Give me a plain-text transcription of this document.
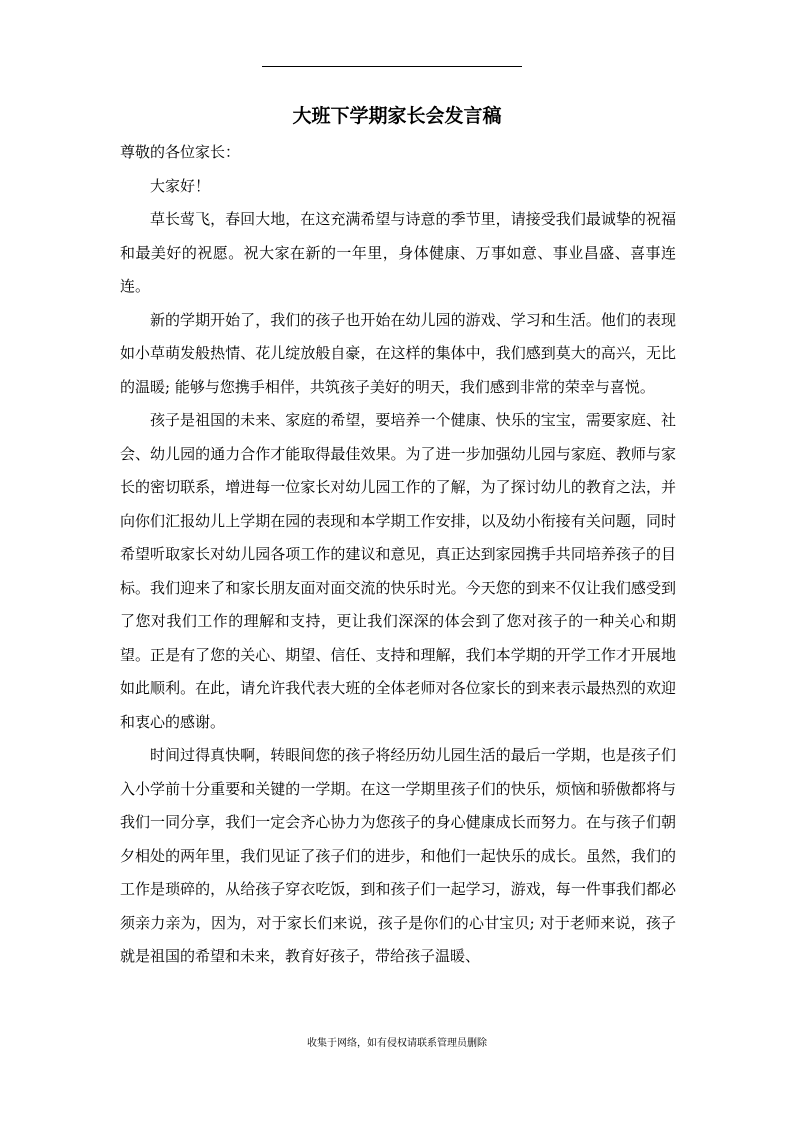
大班下学期家长会发言稿

尊敬的各位家长：

大家好！

草长莺飞，春回大地，在这充满希望与诗意的季节里，请接受我们最诚挚的祝福和最美好的祝愿。祝大家在新的一年里，身体健康、万事如意、事业昌盛、喜事连连。

新的学期开始了，我们的孩子也开始在幼儿园的游戏、学习和生活。他们的表现如小草萌发般热情、花儿绽放般自豪，在这样的集体中，我们感到莫大的高兴，无比的温暖; 能够与您携手相伴，共筑孩子美好的明天，我们感到非常的荣幸与喜悦。

孩子是祖国的未来、家庭的希望，要培养一个健康、快乐的宝宝，需要家庭、社会、幼儿园的通力合作才能取得最佳效果。为了进一步加强幼儿园与家庭、教师与家长的密切联系，增进每一位家长对幼儿园工作的了解，为了探讨幼儿的教育之法，并向你们汇报幼儿上学期在园的表现和本学期工作安排，以及幼小衔接有关问题，同时希望听取家长对幼儿园各项工作的建议和意见，真正达到家园携手共同培养孩子的目标。我们迎来了和家长朋友面对面交流的快乐时光。今天您的到来不仅让我们感受到了您对我们工作的理解和支持，更让我们深深的体会到了您对孩子的一种关心和期望。正是有了您的关心、期望、信任、支持和理解，我们本学期的开学工作才开展地如此顺利。在此，请允许我代表大班的全体老师对各位家长的到来表示最热烈的欢迎和衷心的感谢。

时间过得真快啊，转眼间您的孩子将经历幼儿园生活的最后一学期，也是孩子们入小学前十分重要和关键的一学期。在这一学期里孩子们的快乐，烦恼和骄傲都将与我们一同分享，我们一定会齐心协力为您孩子的身心健康成长而努力。在与孩子们朝夕相处的两年里，我们见证了孩子们的进步，和他们一起快乐的成长。虽然，我们的工作是琐碎的，从给孩子穿衣吃饭，到和孩子们一起学习，游戏，每一件事我们都必须亲力亲为，因为，对于家长们来说，孩子是你们的心甘宝贝; 对于老师来说，孩子就是祖国的希望和未来，教育好孩子，带给孩子温暖、

收集于网络，如有侵权请联系管理员删除
